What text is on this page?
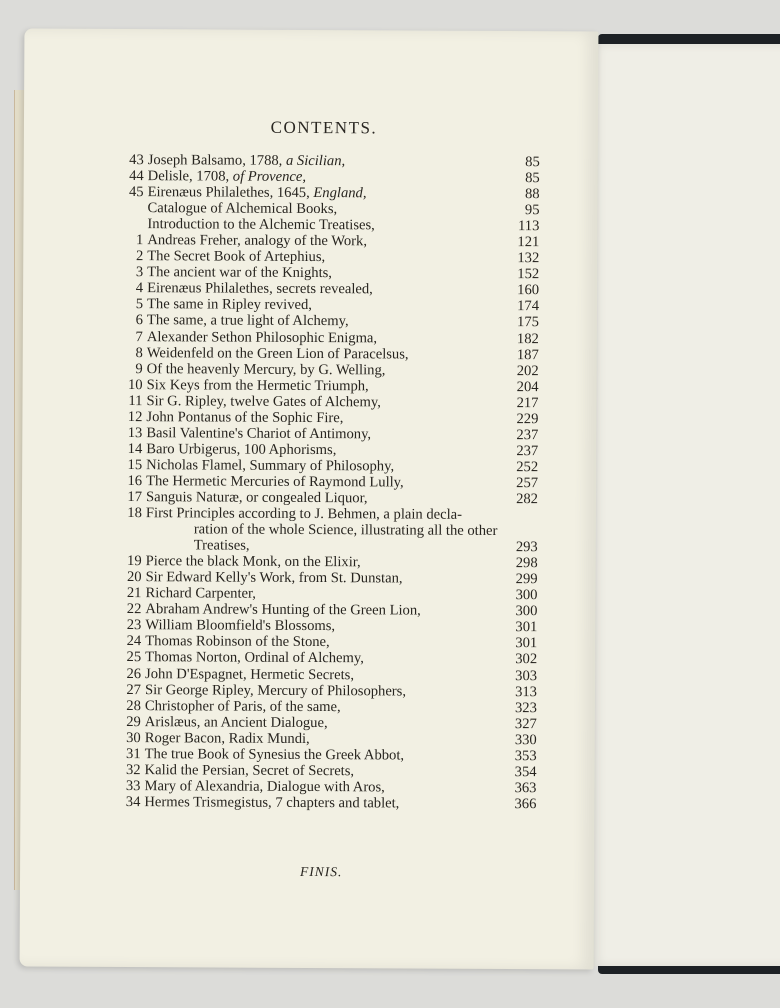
CONTENTS.
43 Joseph Balsamo, 1788, a Sicilian,	85
44 Delisle, 1708, of Provence,	85
45 Eirenæus Philalethes, 1645, England,	88
Catalogue of Alchemical Books,	95
Introduction to the Alchemic Treatises,	113
1 Andreas Freher, analogy of the Work,	121
2 The Secret Book of Artephius,	132
3 The ancient war of the Knights,	152
4 Eirenæus Philalethes, secrets revealed,	160
5 The same in Ripley revived,	174
6 The same, a true light of Alchemy,	175
7 Alexander Sethon Philosophic Enigma,	182
8 Weidenfeld on the Green Lion of Paracelsus,	187
9 Of the heavenly Mercury, by G. Welling,	202
10 Six Keys from the Hermetic Triumph,	204
11 Sir G. Ripley, twelve Gates of Alchemy,	217
12 John Pontanus of the Sophic Fire,	229
13 Basil Valentine's Chariot of Antimony,	237
14 Baro Urbigerus, 100 Aphorisms,	237
15 Nicholas Flamel, Summary of Philosophy,	252
16 The Hermetic Mercuries of Raymond Lully,	257
17 Sanguis Naturæ, or congealed Liquor,	282
18 First Principles according to J. Behmen, a plain decla-
ration of the whole Science, illustrating all the other
Treatises,	293
19 Pierce the black Monk, on the Elixir,	298
20 Sir Edward Kelly's Work, from St. Dunstan,	299
21 Richard Carpenter,	300
22 Abraham Andrew's Hunting of the Green Lion,	300
23 William Bloomfield's Blossoms,	301
24 Thomas Robinson of the Stone,	301
25 Thomas Norton, Ordinal of Alchemy,	302
26 John D'Espagnet, Hermetic Secrets,	303
27 Sir George Ripley, Mercury of Philosophers,	313
28 Christopher of Paris, of the same,	323
29 Arislæus, an Ancient Dialogue,	327
30 Roger Bacon, Radix Mundi,	330
31 The true Book of Synesius the Greek Abbot,	353
32 Kalid the Persian, Secret of Secrets,	354
33 Mary of Alexandria, Dialogue with Aros,	363
34 Hermes Trismegistus, 7 chapters and tablet,	366
FINIS.
